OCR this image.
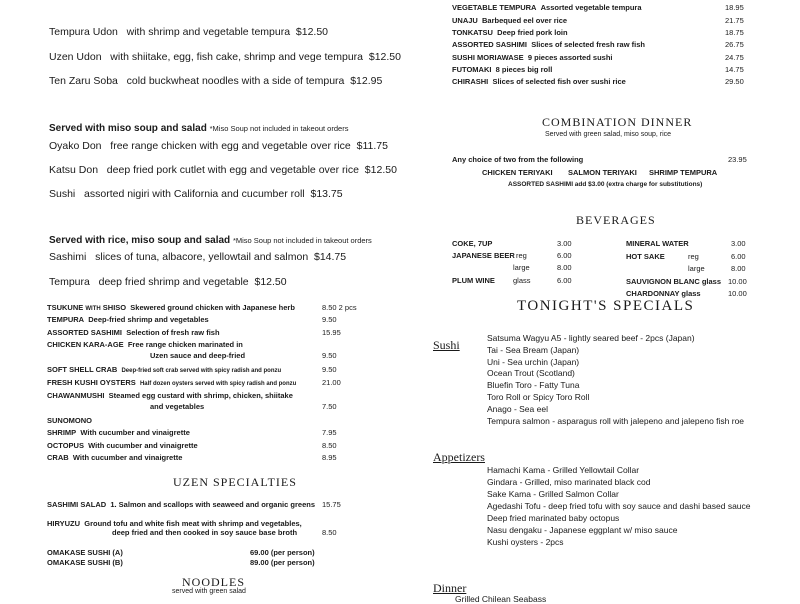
Tempura Udon with shrimp and vegetable tempura $12.50
Uzen Udon with shiitake, egg, fish cake, shrimp and vege tempura $12.50
Ten Zaru Soba cold buckwheat noodles with a side of tempura $12.95
Served with miso soup and salad *Miso Soup not included in takeout orders
Oyako Don free range chicken with egg and vegetable over rice $11.75
Katsu Don deep fried pork cutlet with egg and vegetable over rice $12.50
Sushi assorted nigiri with California and cucumber roll $13.75
Served with rice, miso soup and salad *Miso Soup not included in takeout orders
Sashimi slices of tuna, albacore, yellowtail and salmon $14.75
Tempura deep fried shrimp and vegetable $12.50
TSUKUNE WITH SHISO Skewered ground chicken with Japanese herb	8.50 2 pcs
TEMPURA Deep-fried shrimp and vegetables	9.50
ASSORTED SASHIMI Selection of fresh raw fish	15.95
CHICKEN KARA-AGE Free range chicken marinated in
Uzen sauce and deep-fried	9.50
SOFT SHELL CRAB Deep-fried soft crab served with spicy radish and ponzu	9.50
FRESH KUSHI OYSTERS Half dozen oysters served with spicy radish and ponzu	21.00
CHAWANMUSHI Steamed egg custard with shrimp, chicken, shiitake
and vegetables	7.50
SUNOMONO
SHRIMP With cucumber and vinaigrette	7.95
OCTOPUS With cucumber and vinaigrette	8.50
CRAB With cucumber and vinaigrette	8.95
UZEN SPECIALTIES
SASHIMI SALAD 1. Salmon and scallops with seaweed and organic greens 15.75
HIRYUZU Ground tofu and white fish meat with shrimp and vegetables,
deep fried and then cooked in soy sauce base broth	8.50
OMAKASE SUSHI (A)	69.00 (per person)
OMAKASE SUSHI (B)	89.00 (per person)
NOODLES
served with green salad
VEGETABLE TEMPURA Assorted vegetable tempura	18.95
UNAJU Barbequed eel over rice	21.75
TONKATSU Deep fried pork loin	18.75
ASSORTED SASHIMI Slices of selected fresh raw fish	26.75
SUSHI MORIAWASE 9 pieces assorted sushi	24.75
FUTOMAKI 8 pieces big roll	14.75
CHIRASHI Slices of selected fish over sushi rice	29.50
COMBINATION DINNER
Served with green salad, miso soup, rice
Any choice of two from the following	23.95
CHICKEN TERIYAKI SALMON TERIYAKI SHRIMP TEMPURA
ASSORTED SASHIMI add $3.00 (extra charge for substitutions)
BEVERAGES
COKE, 7UP	3.00
JAPANESE BEER reg	6.00
large	8.00
PLUM WINE glass	6.00
MINERAL WATER	3.00
HOT SAKE	reg	6.00
large	8.00
SAUVIGNON BLANC glass 10.00
CHARDONNAY glass	10.00
TONIGHT'S SPECIALS
Sushi	Satsuma Wagyu A5 - lightly seared beef - 2pcs (Japan)
Tai - Sea Bream (Japan)
Uni - Sea urchin (Japan)
Ocean Trout (Scotland)
Bluefin Toro - Fatty Tuna
Toro Roll or Spicy Toro Roll
Anago - Sea eel
Tempura salmon - asparagus roll with jalepeno and jalepeno fish roe
Appetizers
Hamachi Kama - Grilled Yellowtail Collar
Gindara - Grilled, miso marinated black cod
Sake Kama - Grilled Salmon Collar
Agedashi Tofu - deep fried tofu with soy sauce and dashi based sauce
Deep fried marinated baby octopus
Nasu dengaku - Japanese eggplant w/ miso sauce
Kushi oysters - 2pcs
Dinner
Grilled Chilean Seabass
